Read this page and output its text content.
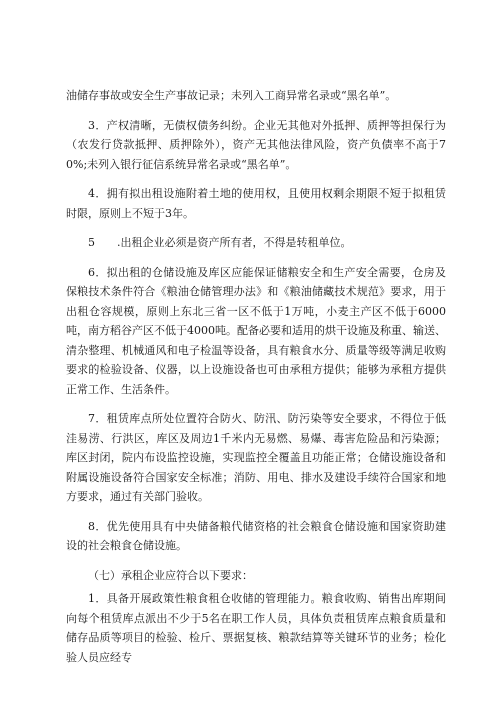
油储存事故或安全生产事故记录；未列入工商异常名录或“黑名单”。

3．产权清晰，无债权债务纠纷。企业无其他对外抵押、质押等担保行为（农发行贷款抵押、质押除外），资产无其他法律风险，资产负债率不高于70%;未列入银行征信系统异常名录或“黑名单”。

4．拥有拟出租设施附着土地的使用权，且使用权剩余期限不短于拟租赁时限，原则上不短于3年。

5　　.出租企业必须是资产所有者，不得是转租单位。

6．拟出租的仓储设施及库区应能保证储粮安全和生产安全需要，仓房及保粮技术条件符合《粮油仓储管理办法》和《粮油储藏技术规范》要求，用于出租仓容规模，原则上东北三省一区不低于1万吨，小麦主产区不低于6000吨，南方稻谷产区不低于4000吨。配备必要和适用的烘干设施及称重、输送、清杂整理、机械通风和电子检温等设备，具有粮食水分、质量等级等满足收购要求的检验设备、仪器，以上设施设备也可由承租方提供；能够为承租方提供正常工作、生活条件。

7．租赁库点所处位置符合防火、防汛、防污染等安全要求，不得位于低洼易涝、行洪区，库区及周边1千米内无易燃、易爆、毒害危险品和污染源；库区封闭，院内布设监控设施，实现监控全覆盖且功能正常；仓储设施设备和附属设施设备符合国家安全标准；消防、用电、排水及建设手续符合国家和地方要求，通过有关部门验收。

8．优先使用具有中央储备粮代储资格的社会粮食仓储设施和国家资助建设的社会粮食仓储设施。

（七）承租企业应符合以下要求：

1．具备开展政策性粮食租仓收储的管理能力。粮食收购、销售出库期间向每个租赁库点派出不少于5名在职工作人员，具体负责租赁库点粮食质量和储存品质等项目的检验、检斤、票据复核、粮款结算等关键环节的业务；检化验人员应经专
